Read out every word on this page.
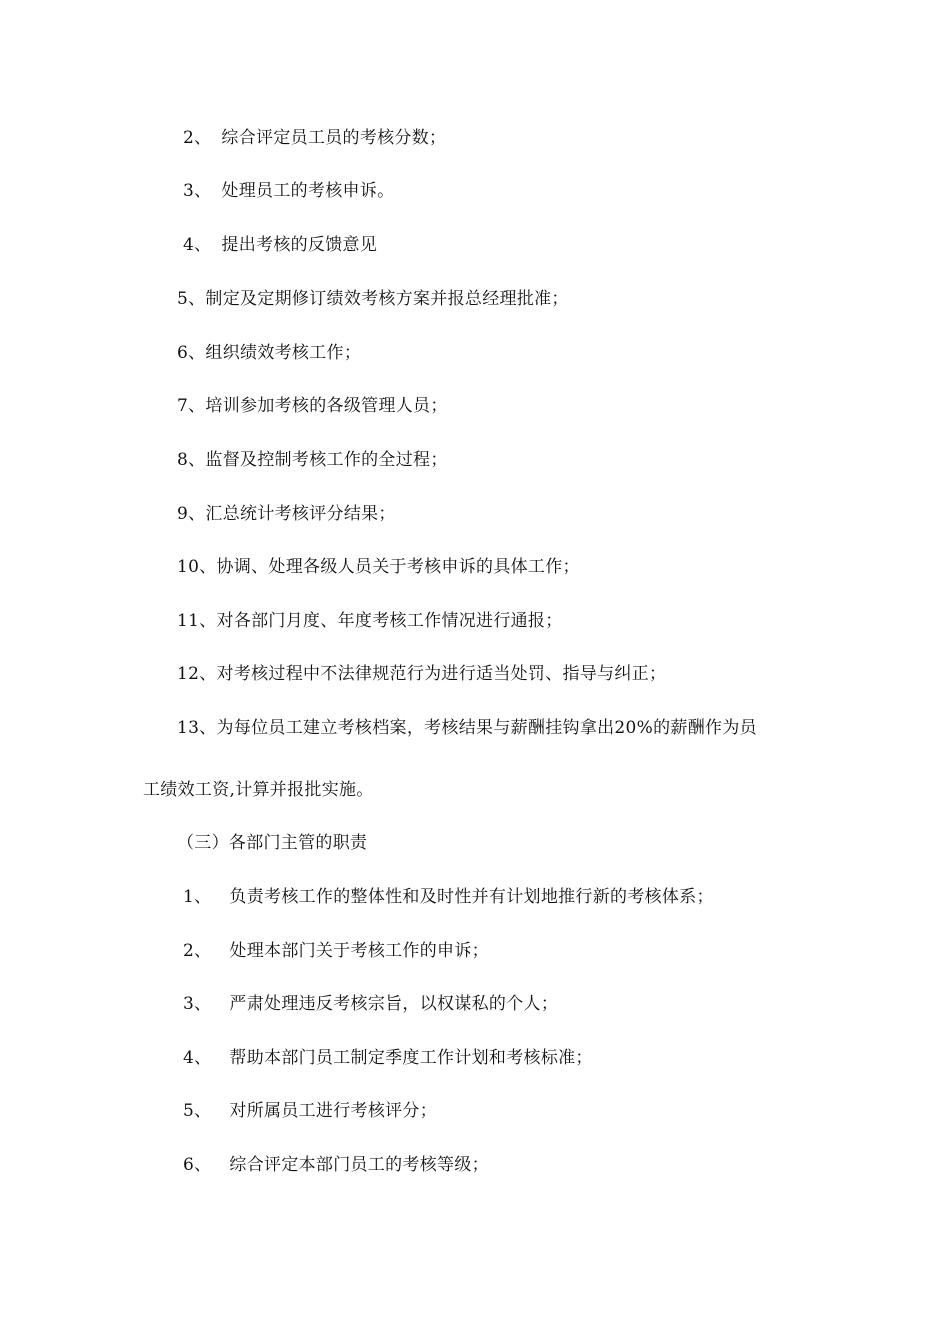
2、 综合评定员工员的考核分数；
3、 处理员工的考核申诉。
4、 提出考核的反馈意见
5、制定及定期修订绩效考核方案并报总经理批准；
6、组织绩效考核工作；
7、培训参加考核的各级管理人员；
8、监督及控制考核工作的全过程；
9、汇总统计考核评分结果；
10、协调、处理各级人员关于考核申诉的具体工作；
11、对各部门月度、年度考核工作情况进行通报；
12、对考核过程中不法律规范行为进行适当处罚、指导与纠正；
13、为每位员工建立考核档案，考核结果与薪酬挂钩拿出20%的薪酬作为员
工绩效工资,计算并报批实施。
（三）各部门主管的职责
1、 负责考核工作的整体性和及时性并有计划地推行新的考核体系；
2、 处理本部门关于考核工作的申诉；
3、 严肃处理违反考核宗旨，以权谋私的个人；
4、 帮助本部门员工制定季度工作计划和考核标准；
5、 对所属员工进行考核评分；
6、 综合评定本部门员工的考核等级；
